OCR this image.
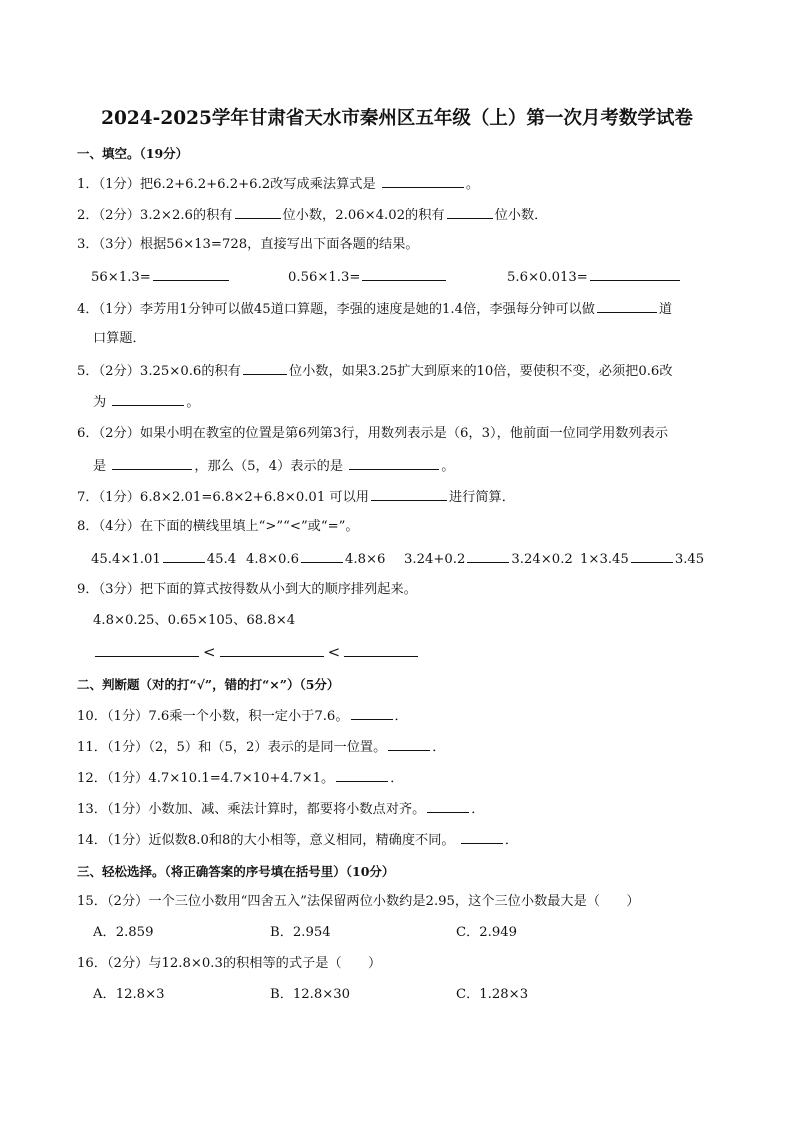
2024-2025学年甘肃省天水市秦州区五年级（上）第一次月考数学试卷
一、填空。（19分）
1．（1分）把6.2+6.2+6.2+6.2改写成乘法算式是	。
2．（2分）3.2×2.6的积有	位小数，2.06×4.02的积有	位小数．
3．（3分）根据56×13=728，直接写出下面各题的结果。
56×1.3=	0.56×1.3=	5.6×0.013=
4．（1分）李芳用1分钟可以做45道口算题，李强的速度是她的1.4倍，李强每分钟可以做	道
口算题．
5．（2分）3.25×0.6的积有	位小数，如果3.25扩大到原来的10倍，要使积不变，必须把0.6改
为	。
6．（2分）如果小明在教室的位置是第6列第3行，用数列表示是（6，3），他前面一位同学用数列表示
是	，那么（5，4）表示的是	。
7．（1分）6.8×2.01=6.8×2+6.8×0.01 可以用	进行简算．
8．（4分）在下面的横线里填上“>”“<”或“=”。
45.4×1.01	45.4 4.8×0.6	4.8×6 3.24+0.2	3.24×0.2 1×3.45	3.45
9．（3分）把下面的算式按得数从小到大的顺序排列起来。
4.8×0.25、0.65×105、68.8×4
<	<
二、判断题（对的打“√”，错的打“×”）（5分）
10．（1分）7.6乘一个小数，积一定小于7.6。	．
11．（1分）（2，5）和（5，2）表示的是同一位置。	．
12．（1分）4.7×10.1=4.7×10+4.7×1。	．
13．（1分）小数加、减、乘法计算时，都要将小数点对齐。	．
14．（1分）近似数8.0和8的大小相等，意义相同，精确度不同。	．
三、轻松选择。（将正确答案的序号填在括号里）（10分）
15．（2分）一个三位小数用“四舍五入”法保留两位小数约是2.95，这个三位小数最大是（　　）
A．2.859	B．2.954	C．2.949
16．（2分）与12.8×0.3的积相等的式子是（　　）
A．12.8×3	B．12.8×30	C．1.28×3
